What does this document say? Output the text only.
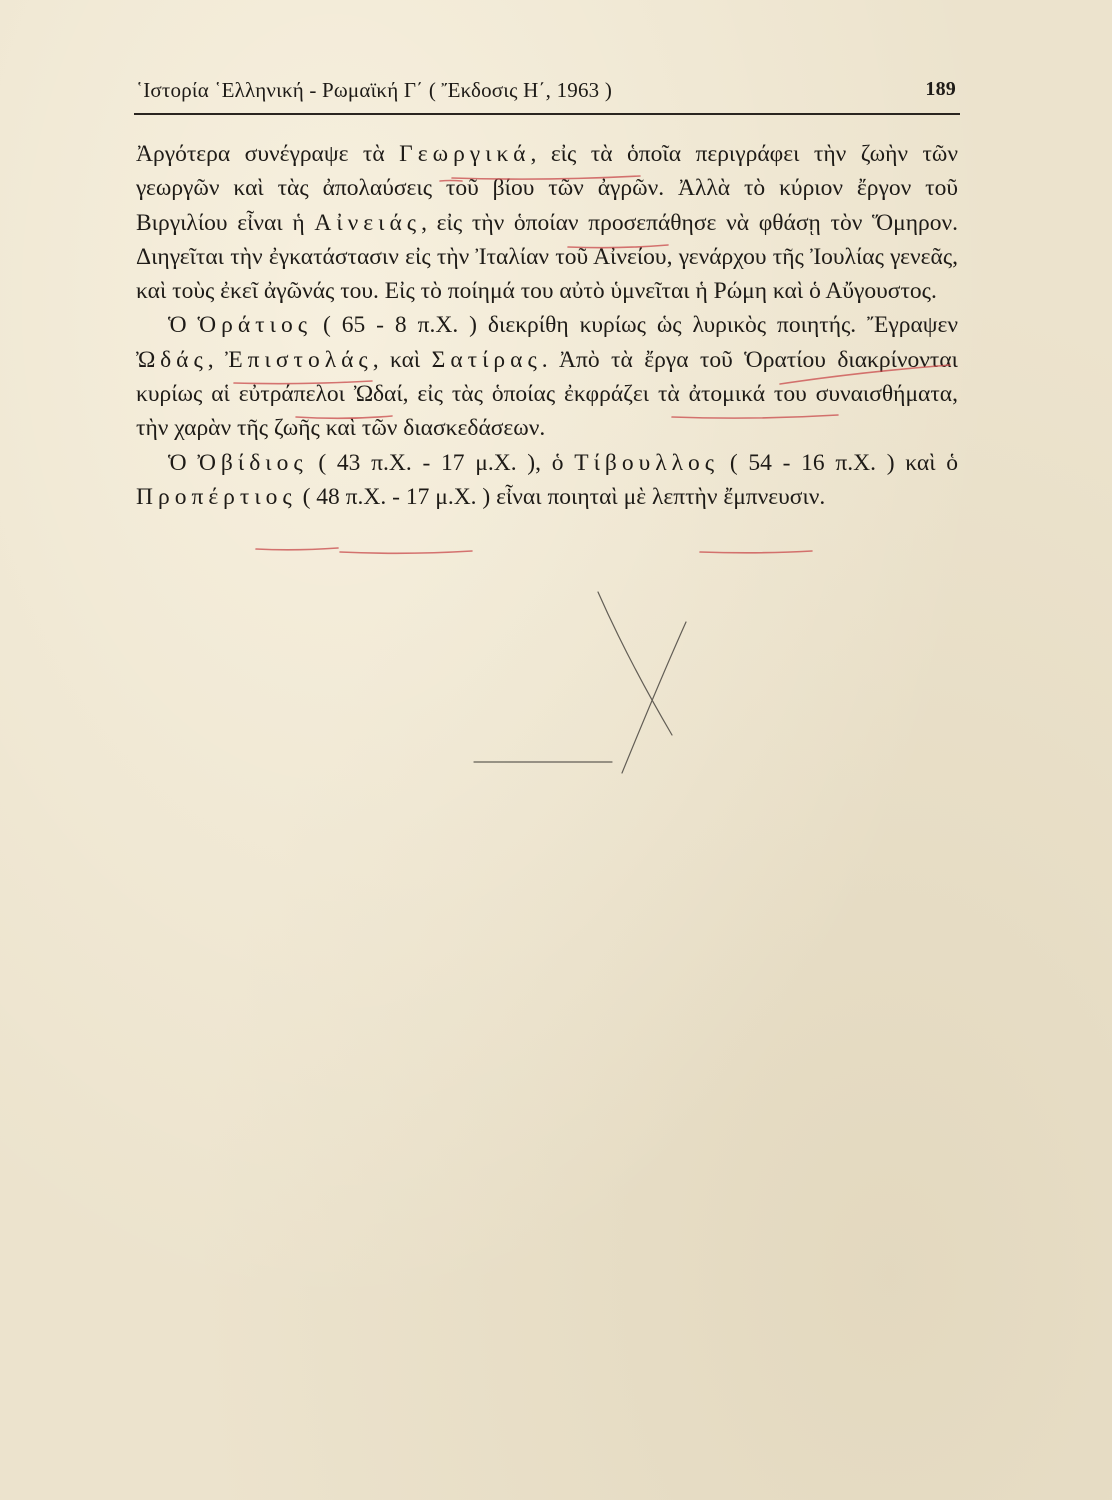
῾Ιστορία ῾Ελληνική - Ρωμαϊκή Γ΄ ( Ἔκδοσις Η΄, 1963 )	189

Ἀργότερα συνέγραψε τὰ Γεωργικά, εἰς τὰ ὁποῖα περιγράφει τὴν ζωὴν τῶν γεωργῶν καὶ τὰς ἀπολαύσεις τοῦ βίου τῶν ἀγρῶν. Ἀλλὰ τὸ κύριον ἔργον τοῦ Βιργιλίου εἶναι ἡ Αἰνειάς, εἰς τὴν ὁποίαν προσεπάθησε νὰ φθάσῃ τὸν Ὅμηρον. Διηγεῖται τὴν ἐγκατάστασιν εἰς τὴν Ἰταλίαν τοῦ Αἰνείου, γενάρχου τῆς Ἰουλίας γενεᾶς, καὶ τοὺς ἐκεῖ ἀγῶνάς του. Εἰς τὸ ποίημά του αὐτὸ ὑμνεῖται ἡ Ρώμη καὶ ὁ Αὔγουστος.

Ὁ Ὁράτιος ( 65 - 8 π.Χ. ) διεκρίθη κυρίως ὡς λυρικὸς ποιητής. Ἔγραψεν Ὠδάς, Ἐπιστολάς, καὶ Σατίρας. Ἀπὸ τὰ ἔργα τοῦ Ὁρατίου διακρίνονται κυρίως αἱ εὐτράπελοι Ὠδαί, εἰς τὰς ὁποίας ἐκφράζει τὰ ἀτομικά του συναισθήματα, τὴν χαρὰν τῆς ζωῆς καὶ τῶν διασκεδάσεων.

Ὁ Ὀβίδιος ( 43 π.Χ. - 17 μ.Χ. ), ὁ Τίβουλλος ( 54 - 16 π.Χ. ) καὶ ὁ Προπέρτιος ( 48 π.Χ. - 17 μ.Χ. ) εἶναι ποιηταὶ μὲ λεπτὴν ἔμπνευσιν.
